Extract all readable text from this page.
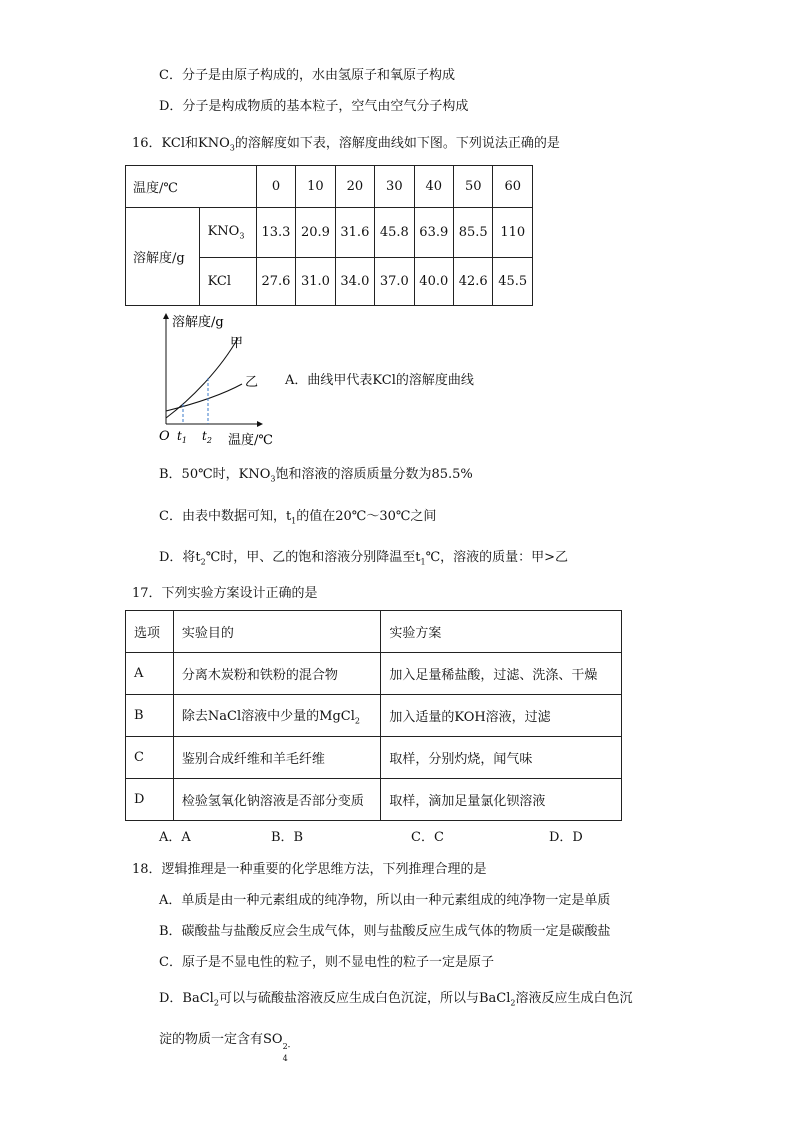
C．分子是由原子构成的，水由氢原子和氧原子构成
D．分子是构成物质的基本粒子，空气由空气分子构成
16．KCl和$KNO_3$的溶解度如下表，溶解度曲线如下图。下列说法正确的是
温度/℃		0	10	20	30	40	50	60
溶解度/g	$KNO_3$	13.3	20.9	31.6	45.8	63.9	85.5	110
	KCl	27.6	31.0	34.0	37.0	40.0	42.6	45.5
溶解度/g
甲
乙
O $t_1$ $t_2$ 温度/℃
A．曲线甲代表KCl的溶解度曲线
B．50℃时，$KNO_3$饱和溶液的溶质质量分数为85.5%
C．由表中数据可知，$t_1$的值在20℃～30℃之间
D．将$t_2℃$时，甲、乙的饱和溶液分别降温至$t_1℃$，溶液的质量：甲>乙
17．下列实验方案设计正确的是
选项	实验目的	实验方案
A	分离木炭粉和铁粉的混合物	加入足量稀盐酸，过滤、洗涤、干燥
B	除去NaCl溶液中少量的MgCl$_2$	加入适量的KOH溶液，过滤
C	鉴别合成纤维和羊毛纤维	取样，分别灼烧，闻气味
D	检验氢氧化钠溶液是否部分变质	取样，滴加足量氯化钡溶液
A．A	B．B	C．C	D．D
18．逻辑推理是一种重要的化学思维方法，下列推理合理的是
A．单质是由一种元素组成的纯净物，所以由一种元素组成的纯净物一定是单质
B．碳酸盐与盐酸反应会生成气体，则与盐酸反应生成气体的物质一定是碳酸盐
C．原子是不显电性的粒子，则不显电性的粒子一定是原子
D．BaCl$_2$可以与硫酸盐溶液反应生成白色沉淀，所以与BaCl$_2$溶液反应生成白色沉
淀的物质一定含有SO 2-
4
